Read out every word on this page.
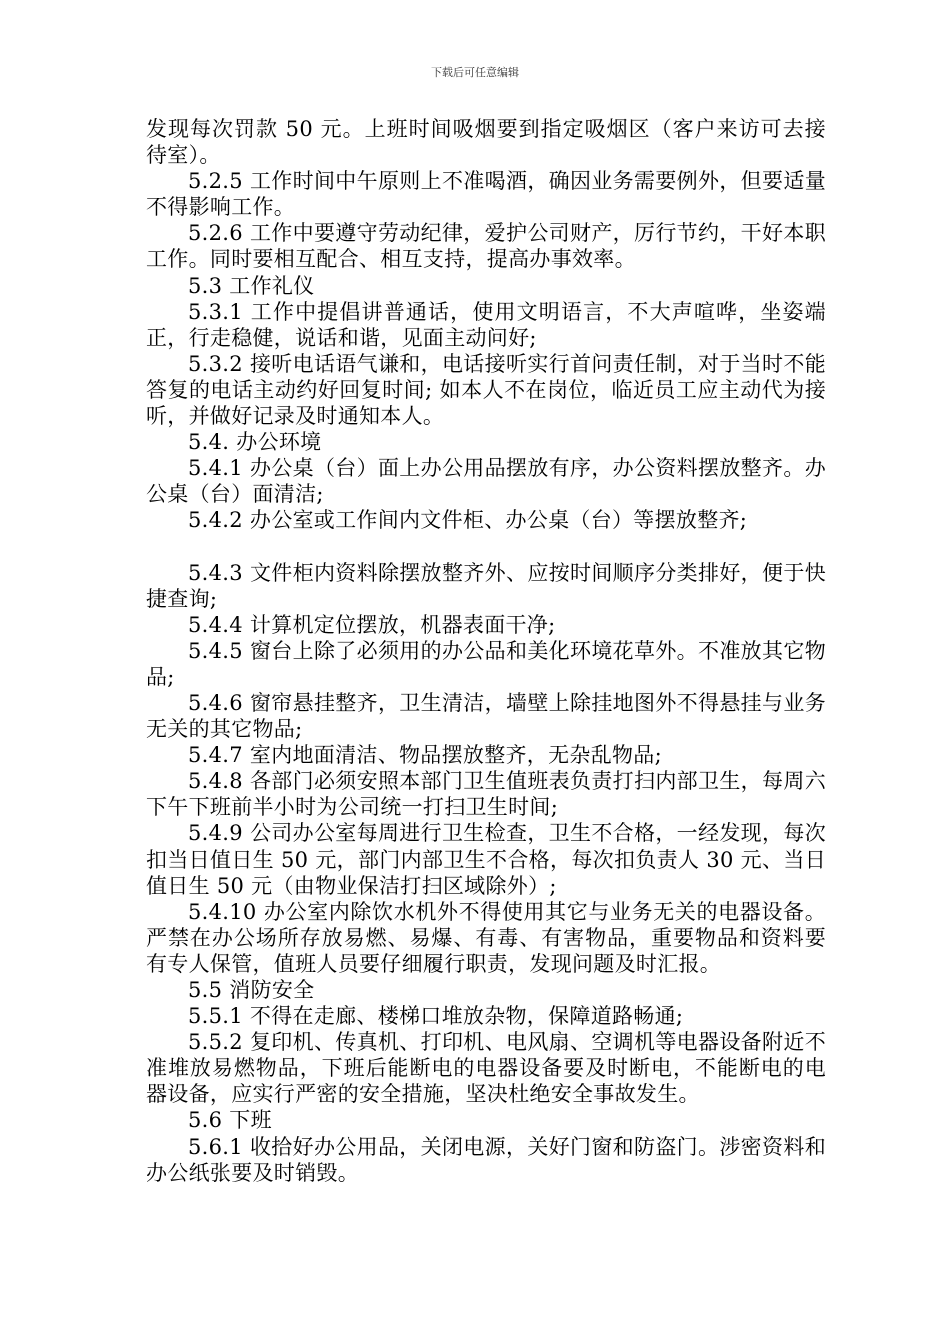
下载后可任意编辑

发现每次罚款 50 元。上班时间吸烟要到指定吸烟区（客户来访可去接待室）。

5.2.5 工作时间中午原则上不准喝酒，确因业务需要例外，但要适量不得影响工作。

5.2.6 工作中要遵守劳动纪律，爱护公司财产，厉行节约，干好本职工作。同时要相互配合、相互支持，提高办事效率。

5.3 工作礼仪

5.3.1 工作中提倡讲普通话，使用文明语言，不大声喧哗，坐姿端正，行走稳健，说话和谐，见面主动问好;

5.3.2 接听电话语气谦和，电话接听实行首问责任制，对于当时不能答复的电话主动约好回复时间; 如本人不在岗位，临近员工应主动代为接听，并做好记录及时通知本人。

5.4. 办公环境

5.4.1 办公桌（台）面上办公用品摆放有序，办公资料摆放整齐。办公桌（台）面清洁;

5.4.2 办公室或工作间内文件柜、办公桌（台）等摆放整齐;

5.4.3 文件柜内资料除摆放整齐外、应按时间顺序分类排好，便于快捷查询;

5.4.4 计算机定位摆放，机器表面干净;

5.4.5 窗台上除了必须用的办公品和美化环境花草外。不准放其它物品;

5.4.6 窗帘悬挂整齐，卫生清洁，墙壁上除挂地图外不得悬挂与业务无关的其它物品;

5.4.7 室内地面清洁、物品摆放整齐，无杂乱物品;

5.4.8 各部门必须安照本部门卫生值班表负责打扫内部卫生，每周六下午下班前半小时为公司统一打扫卫生时间;

5.4.9 公司办公室每周进行卫生检查，卫生不合格，一经发现，每次扣当日值日生 50 元，部门内部卫生不合格，每次扣负责人 30 元、当日值日生 50 元（由物业保洁打扫区域除外）;

5.4.10 办公室内除饮水机外不得使用其它与业务无关的电器设备。严禁在办公场所存放易燃、易爆、有毒、有害物品，重要物品和资料要有专人保管，值班人员要仔细履行职责，发现问题及时汇报。

5.5 消防安全

5.5.1 不得在走廊、楼梯口堆放杂物，保障道路畅通;

5.5.2 复印机、传真机、打印机、电风扇、空调机等电器设备附近不准堆放易燃物品，下班后能断电的电器设备要及时断电，不能断电的电器设备，应实行严密的安全措施，坚决杜绝安全事故发生。

5.6 下班

5.6.1 收拾好办公用品，关闭电源，关好门窗和防盗门。涉密资料和办公纸张要及时销毁。
